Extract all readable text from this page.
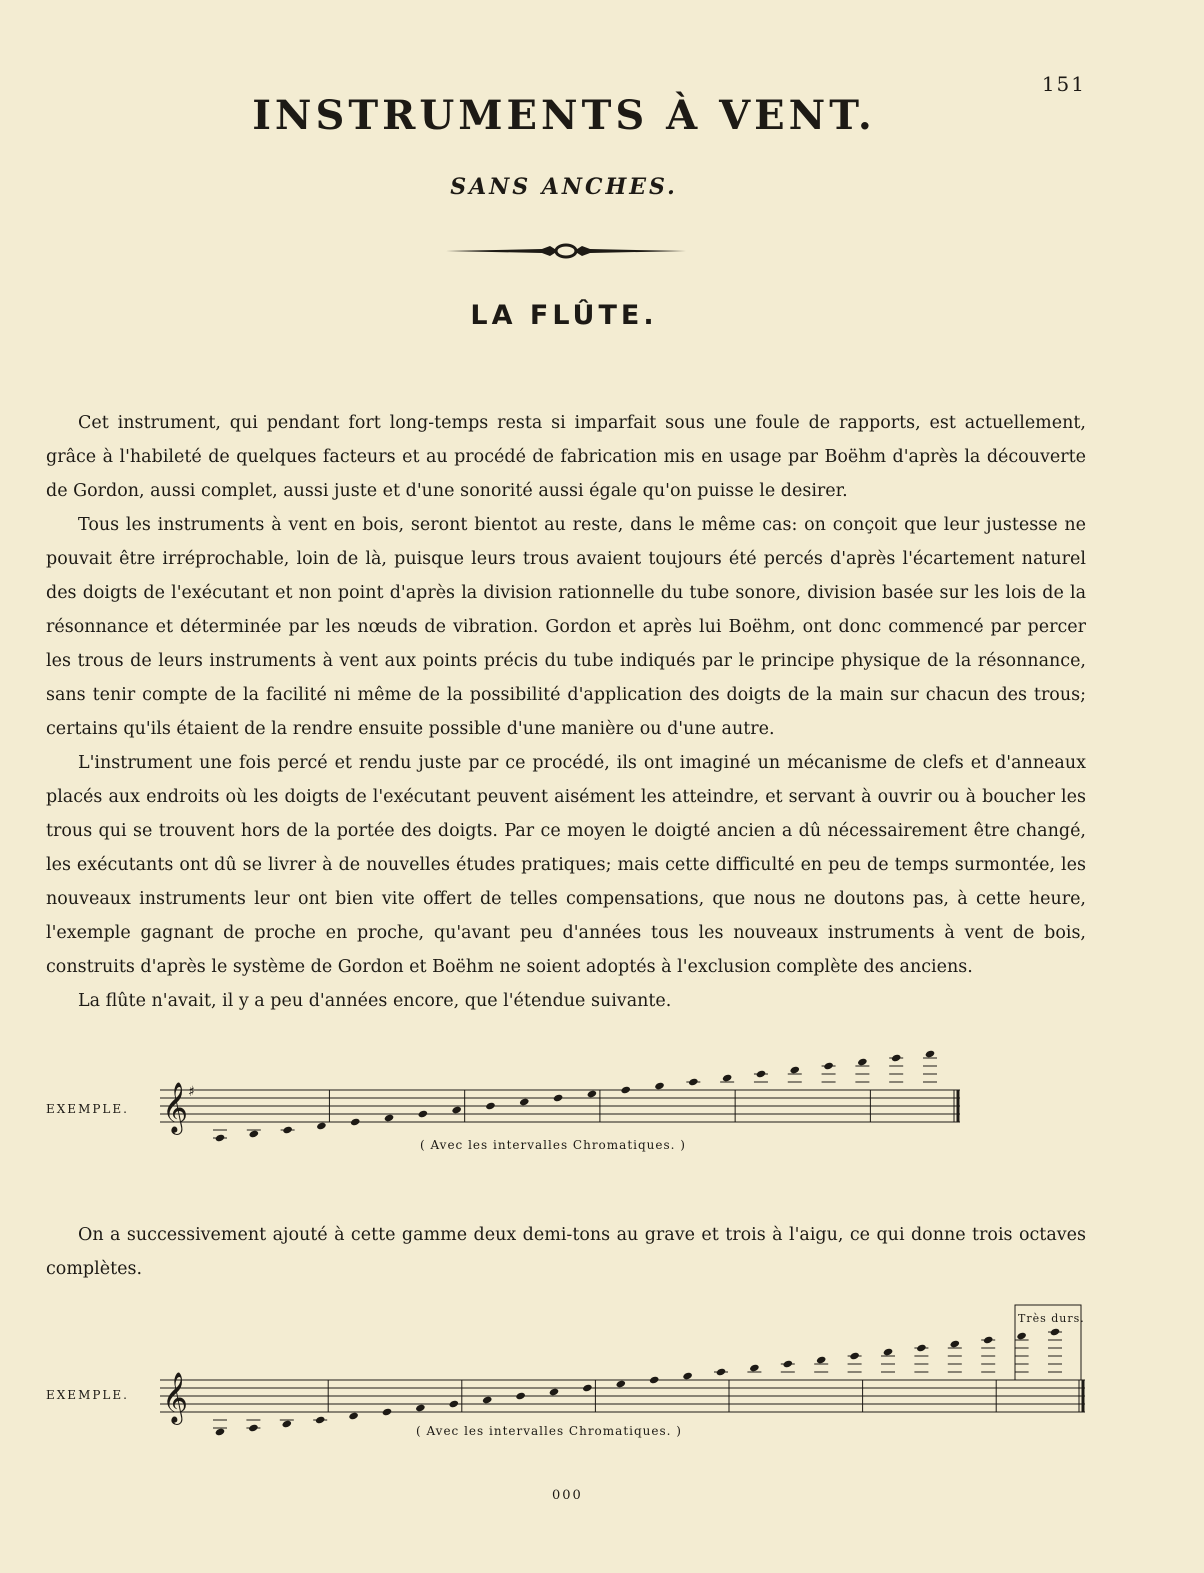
151
INSTRUMENTS À VENT.
SANS ANCHES.
LA FLÛTE.

Cet instrument, qui pendant fort long-temps resta si imparfait sous une foule de rapports, est actuellement, grâce à l'habileté de quelques facteurs et au procédé de fabrication mis en usage par Boëhm d'après la découverte de Gordon, aussi complet, aussi juste et d'une sonorité aussi égale qu'on puisse le desirer.

Tous les instruments à vent en bois, seront bientot au reste, dans le même cas: on conçoit que leur justesse ne pouvait être irréprochable, loin de là, puisque leurs trous avaient toujours été percés d'après l'écartement naturel des doigts de l'exécutant et non point d'après la division rationnelle du tube sonore, division basée sur les lois de la résonnance et déterminée par les nœuds de vibration. Gordon et après lui Boëhm, ont donc commencé par percer les trous de leurs instruments à vent aux points précis du tube indiqués par le principe physique de la résonnance, sans tenir compte de la facilité ni même de la possibilité d'application des doigts de la main sur chacun des trous; certains qu'ils étaient de la rendre ensuite possible d'une manière ou d'une autre.

L'instrument une fois percé et rendu juste par ce procédé, ils ont imaginé un mécanisme de clefs et d'anneaux placés aux endroits où les doigts de l'exécutant peuvent aisément les atteindre, et servant à ouvrir ou à boucher les trous qui se trouvent hors de la portée des doigts. Par ce moyen le doigté ancien a dû nécessairement être changé, les exécutants ont dû se livrer à de nouvelles études pratiques; mais cette difficulté en peu de temps surmontée, les nouveaux instruments leur ont bien vite offert de telles compensations, que nous ne doutons pas, à cette heure, l'exemple gagnant de proche en proche, qu'avant peu d'années tous les nouveaux instruments à vent de bois, construits d'après le système de Gordon et Boëhm ne soient adoptés à l'exclusion complète des anciens.

La flûte n'avait, il y a peu d'années encore, que l'étendue suivante.

EXEMPLE. 𝄞 ♯
( Avec les intervalles Chromatiques. )

On a successivement ajouté à cette gamme deux demi-tons au grave et trois à l'aigu, ce qui donne trois octaves complètes.

EXEMPLE. 𝄞
( Avec les intervalles Chromatiques. )
Très durs.
000
